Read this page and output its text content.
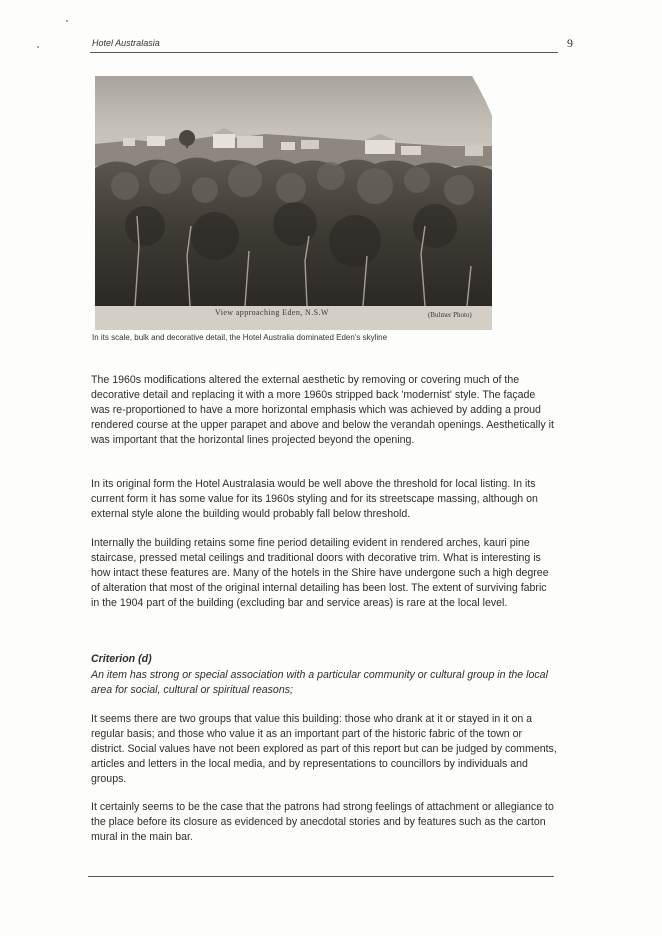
Hotel Australasia	9
View approaching Eden, N.S.W	(Bulmer Photo)
In its scale, bulk and decorative detail, the Hotel Australia dominated Eden's skyline

The 1960s modifications altered the external aesthetic by removing or covering much of the decorative detail and replacing it with a more 1960s stripped back 'modernist' style. The façade was re-proportioned to have a more horizontal emphasis which was achieved by adding a proud rendered course at the upper parapet and above and below the verandah openings. Aesthetically it was important that the horizontal lines projected beyond the opening.

In its original form the Hotel Australasia would be well above the threshold for local listing. In its current form it has some value for its 1960s styling and for its streetscape massing, although on external style alone the building would probably fall below threshold.

Internally the building retains some fine period detailing evident in rendered arches, kauri pine staircase, pressed metal ceilings and traditional doors with decorative trim. What is interesting is how intact these features are. Many of the hotels in the Shire have undergone such a high degree of alteration that most of the original internal detailing has been lost. The extent of surviving fabric in the 1904 part of the building (excluding bar and service areas) is rare at the local level.

Criterion (d)
An item has strong or special association with a particular community or cultural group in the local area for social, cultural or spiritual reasons;

It seems there are two groups that value this building: those who drank at it or stayed in it on a regular basis; and those who value it as an important part of the historic fabric of the town or district. Social values have not been explored as part of this report but can be judged by comments, articles and letters in the local media, and by representations to councillors by individuals and groups.

It certainly seems to be the case that the patrons had strong feelings of attachment or allegiance to the place before its closure as evidenced by anecdotal stories and by features such as the carton mural in the main bar.
